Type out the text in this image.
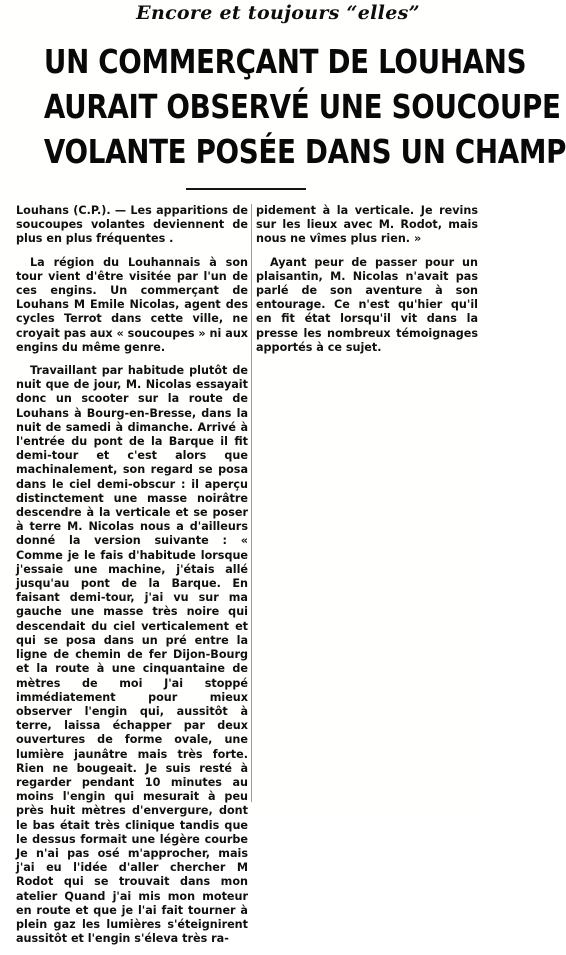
Encore et toujours “elles”
UN COMMERÇANT DE LOUHANS
AURAIT OBSERVÉ UNE SOUCOUPE
VOLANTE POSÉE DANS UN CHAMP

Louhans (C.P.). — Les apparitions de soucoupes volantes deviennent de plus en plus fréquentes .

La région du Louhannais à son tour vient d'être visitée par l'un de ces engins. Un commerçant de Louhans M Emile Nicolas, agent des cycles Terrot dans cette ville, ne croyait pas aux « soucoupes » ni aux engins du même genre.

Travaillant par habitude plutôt de nuit que de jour, M. Nicolas essayait donc un scooter sur la route de Louhans à Bourg-en-Bresse, dans la nuit de samedi à dimanche. Arrivé à l'entrée du pont de la Barque il fit demi-tour et c'est alors que machinalement, son regard se posa dans le ciel demi-obscur : il aperçu distinctement une masse noirâtre descendre à la verticale et se poser à terre M. Nicolas nous a d'ailleurs donné la version suivante : « Comme je le fais d'habitude lorsque j'essaie une machine, j'étais allé jusqu'au pont de la Barque. En faisant demi-tour, j'ai vu sur ma gauche une masse très noire qui descendait du ciel verticalement et qui se posa dans un pré entre la ligne de chemin de fer Dijon-Bourg et la route à une cinquantaine de mètres de moi J'ai stoppé immédiatement pour mieux observer l'engin qui, aussitôt à terre, laissa échapper par deux ouvertures de forme ovale, une lumière jaunâtre mais très forte. Rien ne bougeait. Je suis resté à regarder pendant 10 minutes au moins l'engin qui mesurait à peu près huit mètres d'envergure, dont le bas était très clinique tandis que le dessus formait une légère courbe Je n'ai pas osé m'approcher, mais j'ai eu l'idée d'aller chercher M Rodot qui se trouvait dans mon atelier Quand j'ai mis mon moteur en route et que je l'ai fait tourner à plein gaz les lumières s'éteignirent aussitôt et l'engin s'éleva très ra-

pidement à la verticale. Je revins sur les lieux avec M. Rodot, mais nous ne vîmes plus rien. »

Ayant peur de passer pour un plaisantin, M. Nicolas n'avait pas parlé de son aventure à son entourage. Ce n'est qu'hier qu'il en fit état lorsqu'il vit dans la presse les nombreux témoignages apportés à ce sujet.
